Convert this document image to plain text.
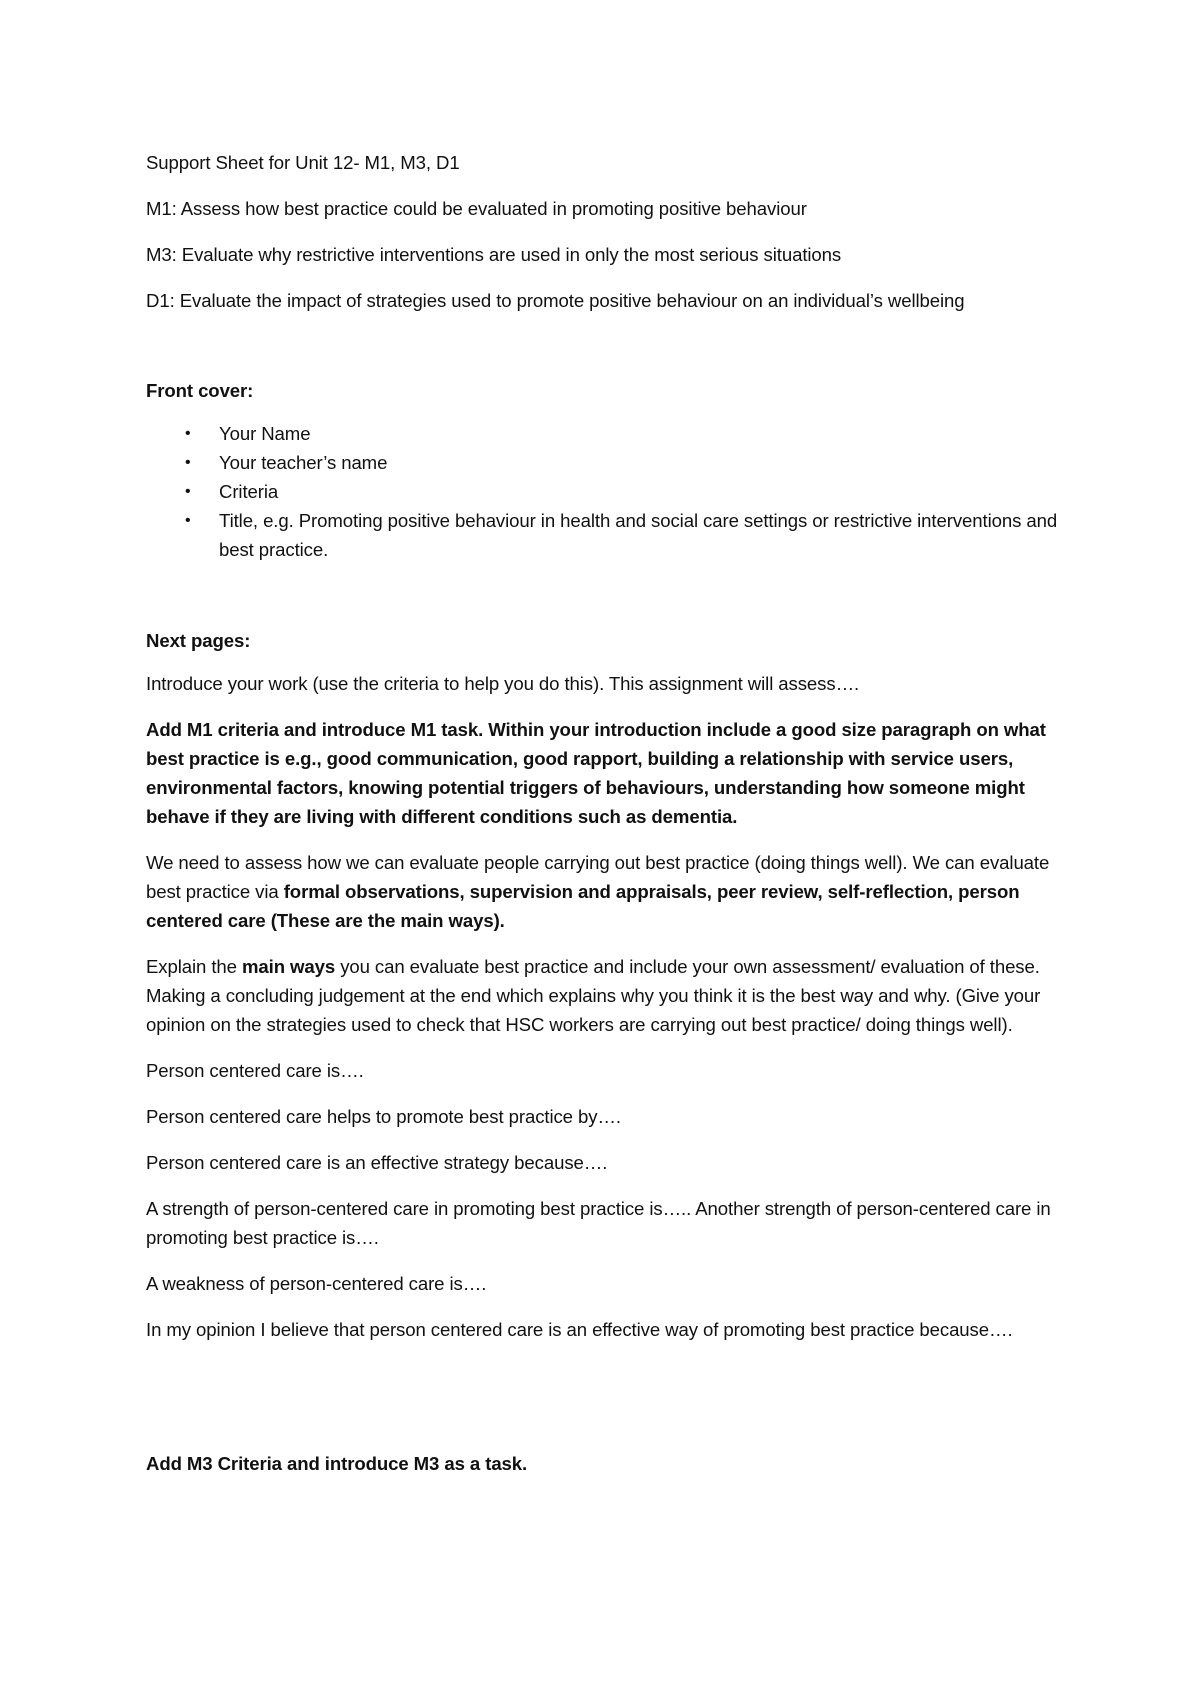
Support Sheet for Unit 12- M1, M3, D1

M1: Assess how best practice could be evaluated in promoting positive behaviour

M3: Evaluate why restrictive interventions are used in only the most serious situations

D1: Evaluate the impact of strategies used to promote positive behaviour on an individual’s wellbeing

Front cover:

• Your Name
• Your teacher’s name
• Criteria
• Title, e.g. Promoting positive behaviour in health and social care settings or restrictive interventions and best practice.

Next pages:

Introduce your work (use the criteria to help you do this). This assignment will assess….

Add M1 criteria and introduce M1 task. Within your introduction include a good size paragraph on what best practice is e.g., good communication, good rapport, building a relationship with service users, environmental factors, knowing potential triggers of behaviours, understanding how someone might behave if they are living with different conditions such as dementia.

We need to assess how we can evaluate people carrying out best practice (doing things well). We can evaluate best practice via formal observations, supervision and appraisals, peer review, self-reflection, person centered care (These are the main ways).

Explain the main ways you can evaluate best practice and include your own assessment/ evaluation of these. Making a concluding judgement at the end which explains why you think it is the best way and why. (Give your opinion on the strategies used to check that HSC workers are carrying out best practice/ doing things well).

Person centered care is….

Person centered care helps to promote best practice by….

Person centered care is an effective strategy because….

A strength of person-centered care in promoting best practice is….. Another strength of person-centered care in promoting best practice is….

A weakness of person-centered care is….

In my opinion I believe that person centered care is an effective way of promoting best practice because….

Add M3 Criteria and introduce M3 as a task.
